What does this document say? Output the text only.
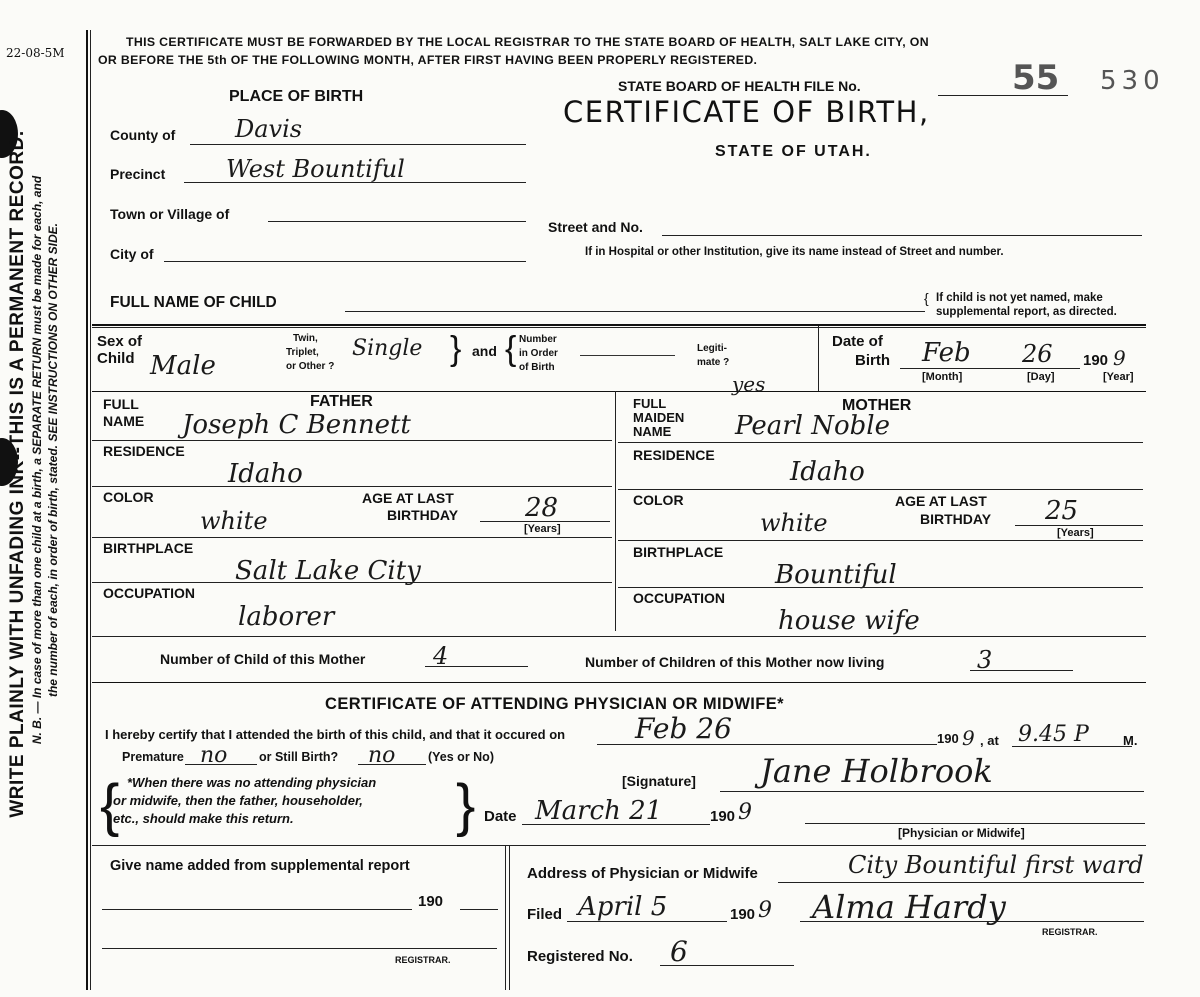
22-08-5M
WRITE PLAINLY WITH UNFADING INK--THIS IS A PERMANENT RECORD. N. B. — In case of more than one child at a birth, a SEPARATE RETURN must be made for each, and the number of each, in order of birth, stated. SEE INSTRUCTIONS ON OTHER SIDE.
THIS CERTIFICATE MUST BE FORWARDED BY THE LOCAL REGISTRAR TO THE STATE BOARD OF HEALTH, SALT LAKE CITY, ON
OR BEFORE THE 5th OF THE FOLLOWING MONTH, AFTER FIRST HAVING BEEN PROPERLY REGISTERED.
STATE BOARD OF HEALTH FILE No.	55 530
CERTIFICATE OF BIRTH,
STATE OF UTAH.
PLACE OF BIRTH
County of Davis
Precinct	West Bountiful
Town or Village of
Street and No.
City of	If in Hospital or other Institution, give its name instead of Street and number.
FULL NAME OF CHILD	{ If child is not yet named, make
supplemental report, as directed.
Sex of
Child Male
Twin,
Triplet,
or Other ?
Single } and { Number
in Order
of Birth
Legiti-
mate ?
yes
Date of
Birth Feb 26 190 9
[Month]	[Day]	[Year]
FATHER
FULL
NAME Joseph C Bennett
RESIDENCE
Idaho
COLOR
white
AGE AT LAST
BIRTHDAY	28
[Years]
BIRTHPLACE
Salt Lake City
OCCUPATION
laborer
MOTHER
FULL
MAIDEN
NAME Pearl Noble
RESIDENCE
Idaho
COLOR
white
AGE AT LAST
BIRTHDAY 25
[Years]
BIRTHPLACE
Bountiful
OCCUPATION
house wife
Number of Child of this Mother	4	Number of Children of this Mother now living	3
CERTIFICATE OF ATTENDING PHYSICIAN OR MIDWIFE*
I hereby certify that I attended the birth of this child, and that it occured on Feb 26	190 9 , at 9.45 P	M.
Premature no	or Still Birth? no	(Yes or No)
{ *When there was no attending physician
or midwife, then the father, householder,
etc., should make this return.	}	[Signature] Jane Holbrook
Date March 21	190 9
[Physician or Midwife]
Give name added from supplemental report
190
REGISTRAR.
Address of Physician or Midwife	City Bountiful first ward
Filed April 5	190 9 Alma Hardy
REGISTRAR.
Registered No. 6
